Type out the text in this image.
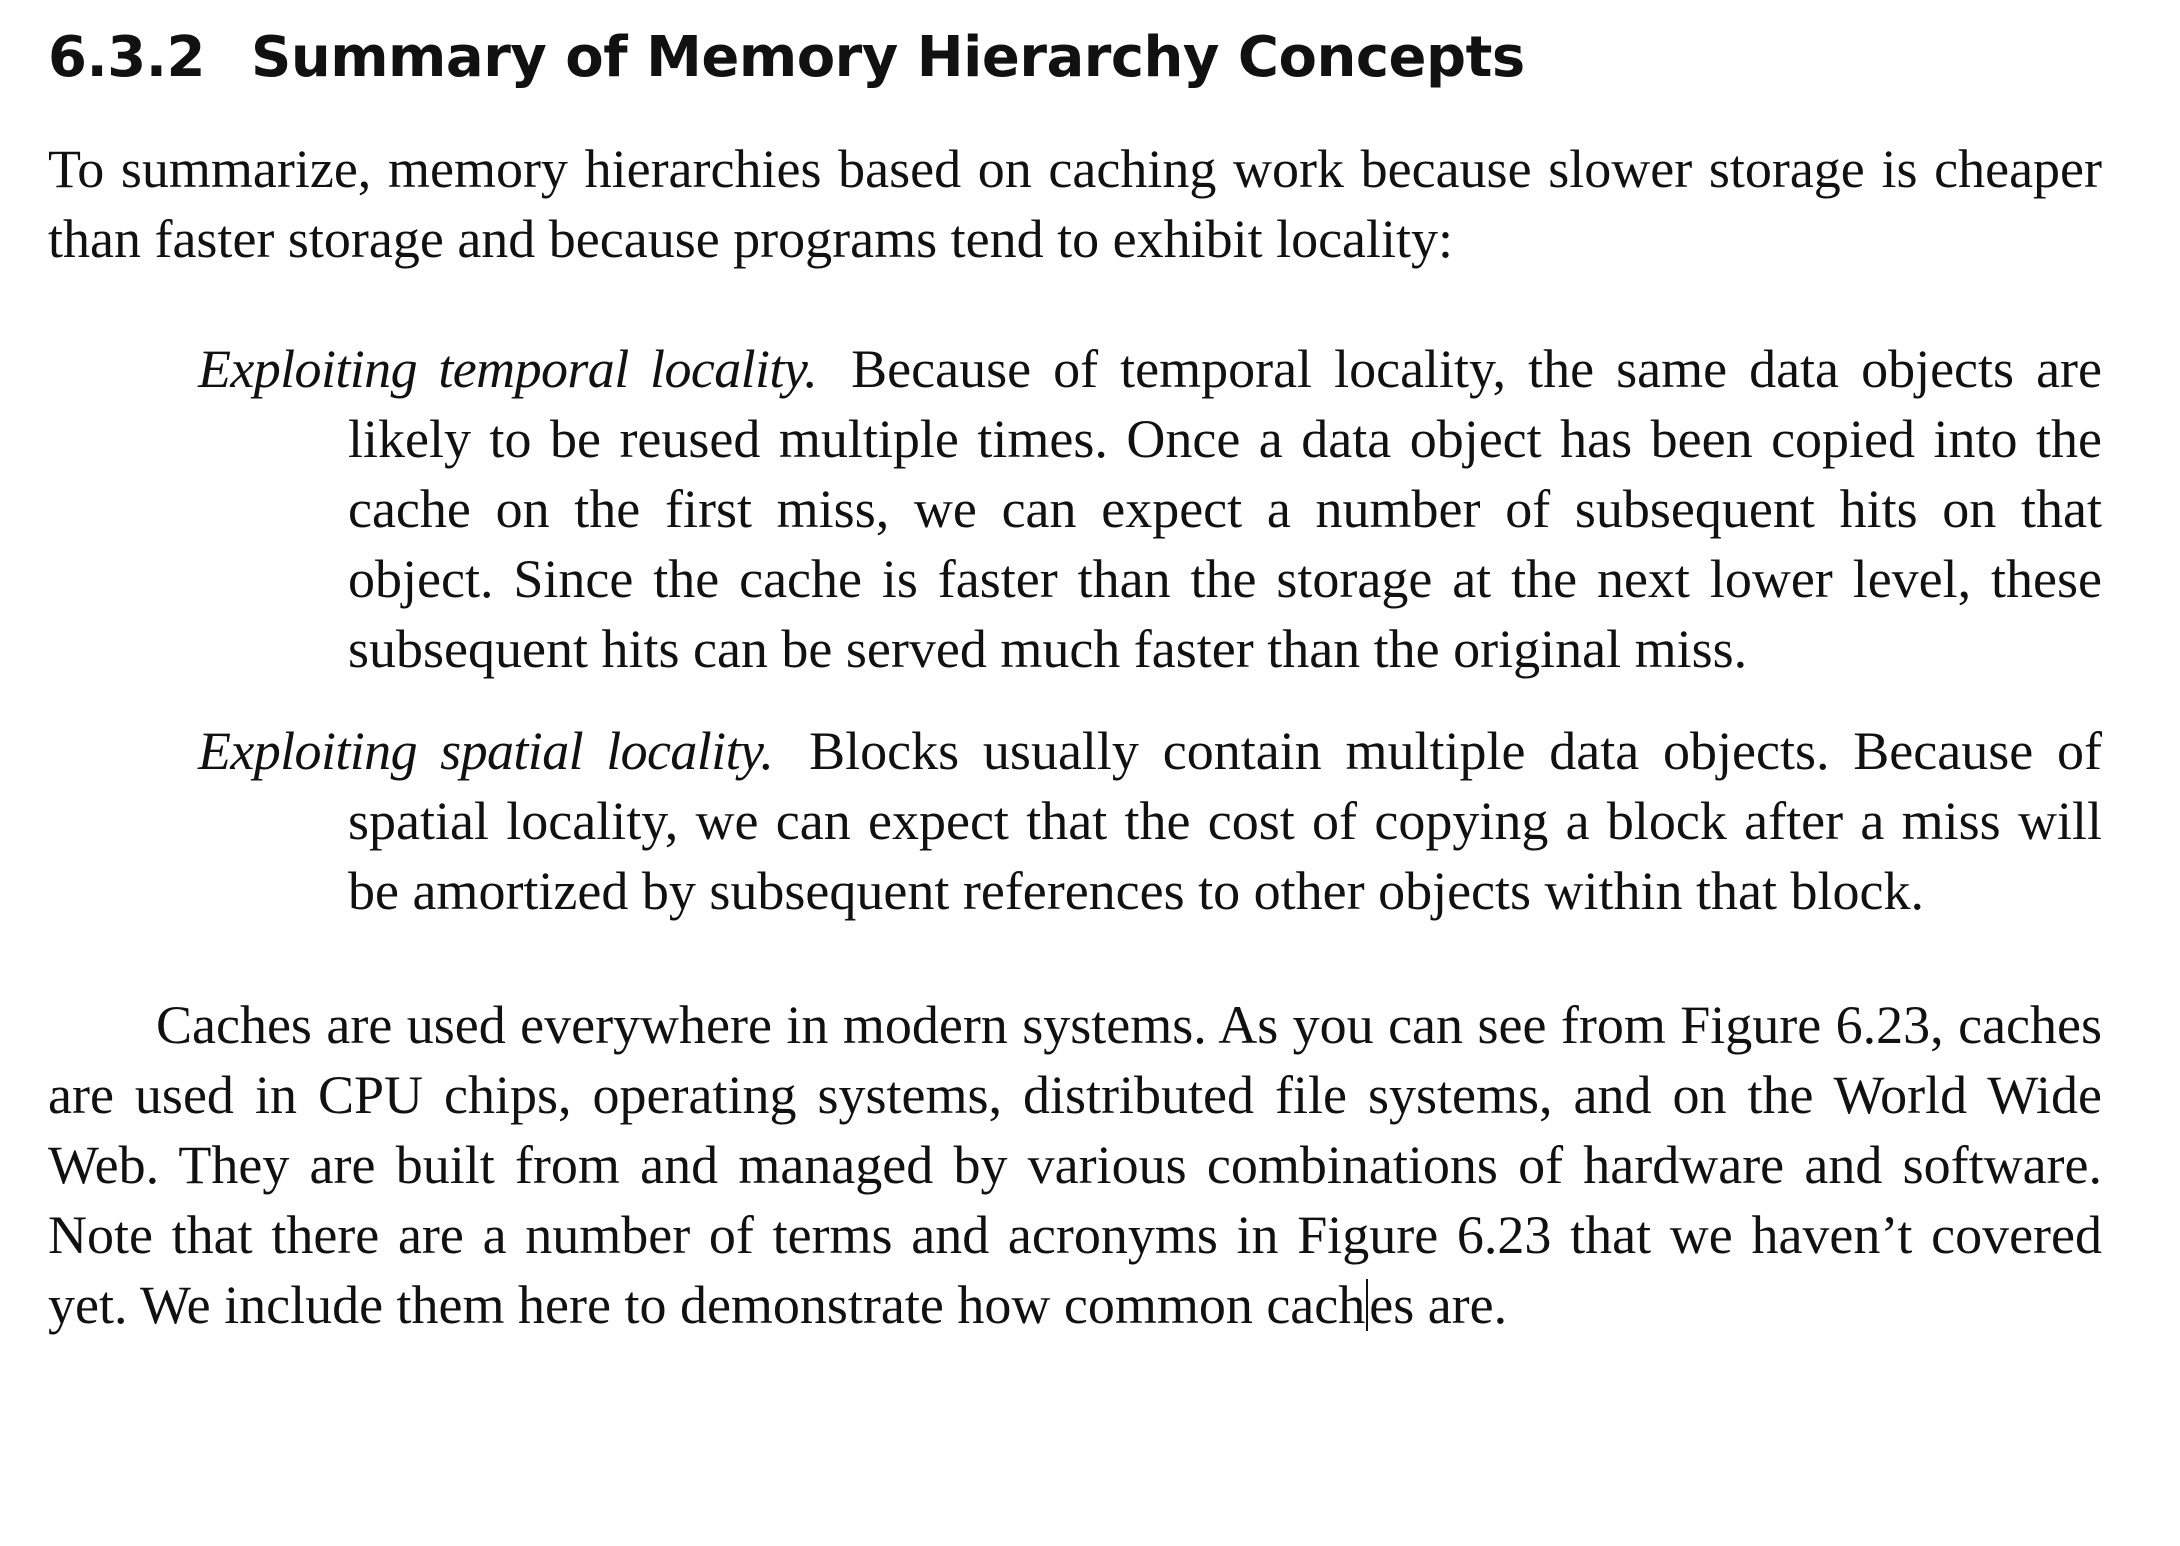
6.3.2 Summary of Memory Hierarchy Concepts

To summarize, memory hierarchies based on caching work because slower storage is cheaper than faster storage and because programs tend to exhibit locality:

Exploiting temporal locality. Because of temporal locality, the same data objects are likely to be reused multiple times. Once a data object has been copied into the cache on the first miss, we can expect a number of subsequent hits on that object. Since the cache is faster than the storage at the next lower level, these subsequent hits can be served much faster than the original miss.
Exploiting spatial locality. Blocks usually contain multiple data objects. Because of spatial locality, we can expect that the cost of copying a block after a miss will be amortized by subsequent references to other objects within that block.

Caches are used everywhere in modern systems. As you can see from Figure 6.23, caches are used in CPU chips, operating systems, distributed file systems, and on the World Wide Web. They are built from and managed by various combinations of hardware and software. Note that there are a number of terms and acronyms in Figure 6.23 that we haven’t covered yet. We include them here to demonstrate how common caches are.
